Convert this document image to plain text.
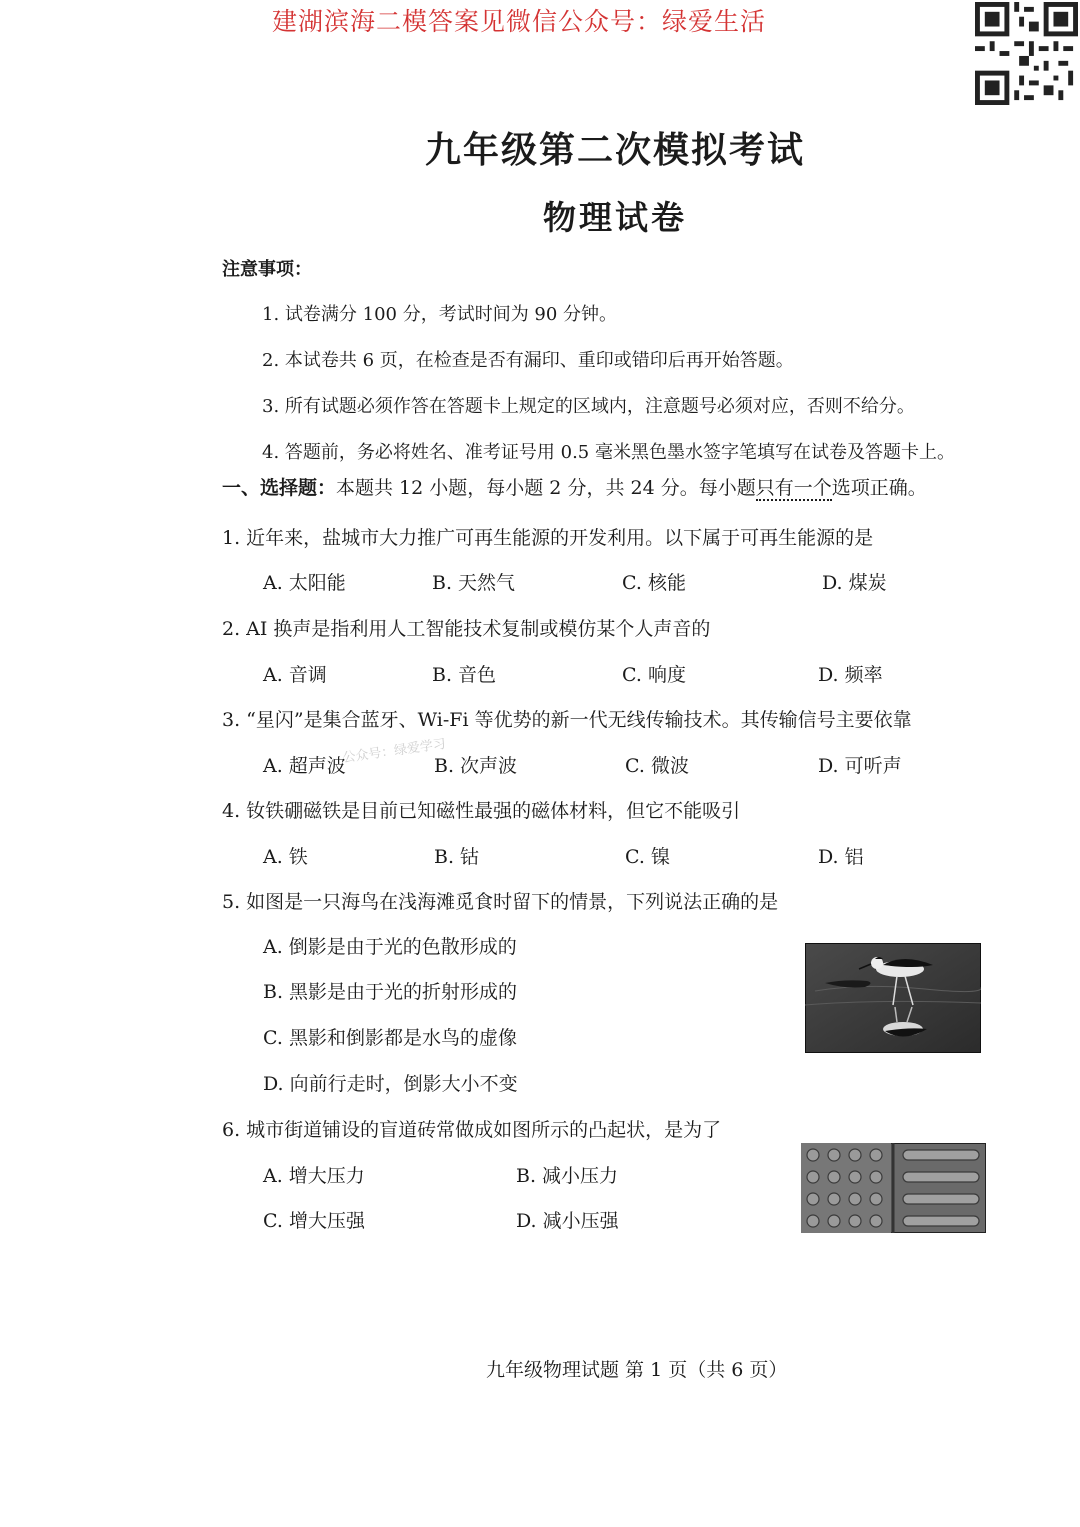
建湖滨海二模答案见微信公众号：绿爱生活
九年级第二次模拟考试
物理试卷
注意事项：
1. 试卷满分 100 分，考试时间为 90 分钟。
2. 本试卷共 6 页，在检查是否有漏印、重印或错印后再开始答题。
3. 所有试题必须作答在答题卡上规定的区域内，注意题号必须对应，否则不给分。
4. 答题前，务必将姓名、准考证号用 0.5 毫米黑色墨水签字笔填写在试卷及答题卡上。
一、选择题：本题共 12 小题，每小题 2 分，共 24 分。每小题只有一个选项正确。
1. 近年来，盐城市大力推广可再生能源的开发利用。以下属于可再生能源的是
A. 太阳能	B. 天然气	C. 核能	D. 煤炭
2. AI 换声是指利用人工智能技术复制或模仿某个人声音的
A. 音调	B. 音色	C. 响度	D. 频率
3. “星闪”是集合蓝牙、Wi-Fi 等优势的新一代无线传输技术。其传输信号主要依靠
公众号：绿爱学习
A. 超声波	B. 次声波	C. 微波	D. 可听声
4. 钕铁硼磁铁是目前已知磁性最强的磁体材料，但它不能吸引
A. 铁	B. 钴	C. 镍	D. 铝
5. 如图是一只海鸟在浅海滩觅食时留下的情景，下列说法正确的是
A. 倒影是由于光的色散形成的
B. 黑影是由于光的折射形成的
C. 黑影和倒影都是水鸟的虚像
D. 向前行走时，倒影大小不变
6. 城市街道铺设的盲道砖常做成如图所示的凸起状，是为了
A. 增大压力	B. 减小压力
C. 增大压强	D. 减小压强
九年级物理试题 第 1 页（共 6 页）
